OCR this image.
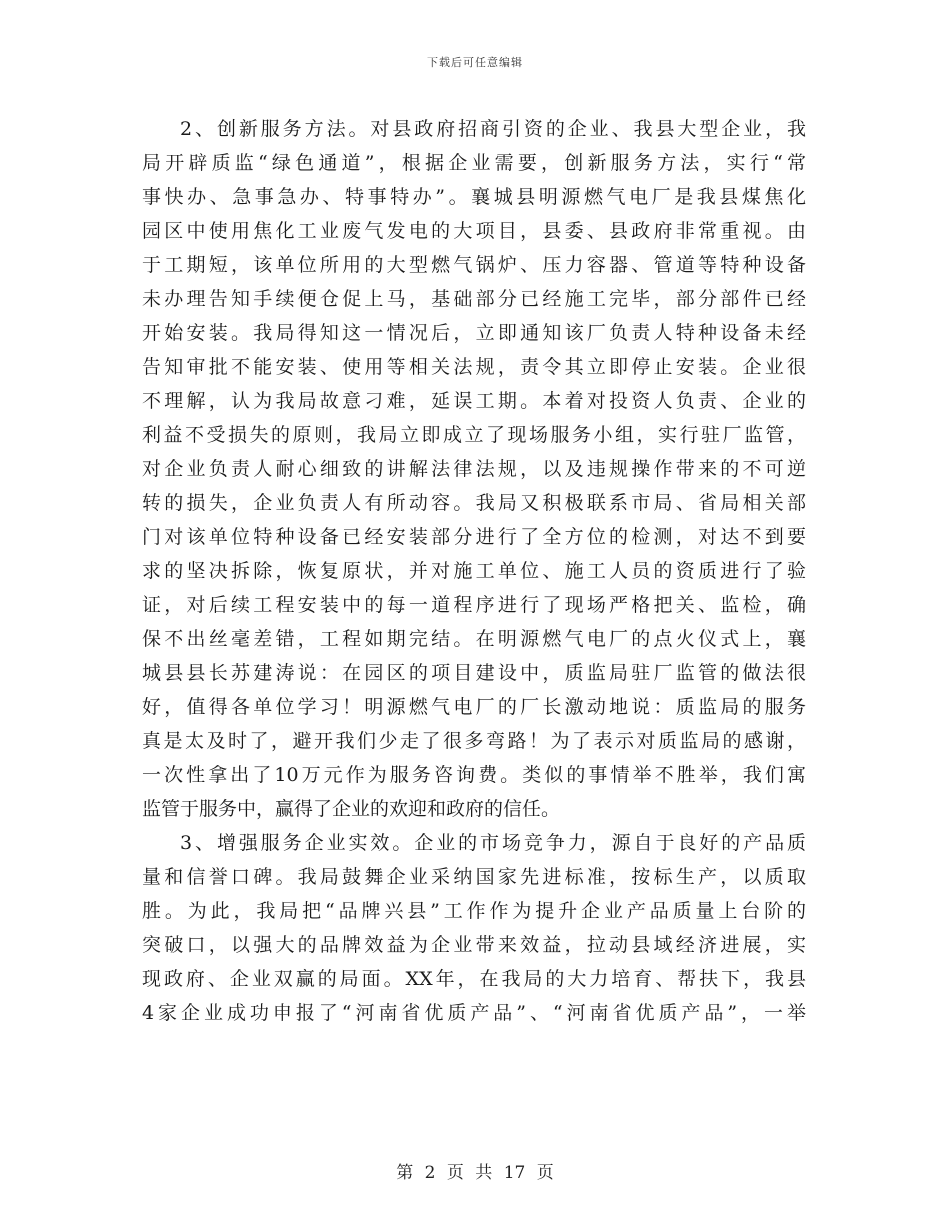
下载后可任意编辑

2、创新服务方法。对县政府招商引资的企业、我县大型企业，我
局开辟质监“绿色通道”，根据企业需要，创新服务方法，实行“常
事快办、急事急办、特事特办”。襄城县明源燃气电厂是我县煤焦化
园区中使用焦化工业废气发电的大项目，县委、县政府非常重视。由
于工期短，该单位所用的大型燃气锅炉、压力容器、管道等特种设备
未办理告知手续便仓促上马，基础部分已经施工完毕，部分部件已经
开始安装。我局得知这一情况后，立即通知该厂负责人特种设备未经
告知审批不能安装、使用等相关法规，责令其立即停止安装。企业很
不理解，认为我局故意刁难，延误工期。本着对投资人负责、企业的
利益不受损失的原则，我局立即成立了现场服务小组，实行驻厂监管，
对企业负责人耐心细致的讲解法律法规，以及违规操作带来的不可逆
转的损失，企业负责人有所动容。我局又积极联系市局、省局相关部
门对该单位特种设备已经安装部分进行了全方位的检测，对达不到要
求的坚决拆除，恢复原状，并对施工单位、施工人员的资质进行了验
证，对后续工程安装中的每一道程序进行了现场严格把关、监检，确
保不出丝毫差错，工程如期完结。在明源燃气电厂的点火仪式上，襄
城县县长苏建涛说：在园区的项目建设中，质监局驻厂监管的做法很
好，值得各单位学习！明源燃气电厂的厂长激动地说：质监局的服务
真是太及时了，避开我们少走了很多弯路！为了表示对质监局的感谢，
一次性拿出了10万元作为服务咨询费。类似的事情举不胜举，我们寓
监管于服务中，赢得了企业的欢迎和政府的信任。

3、增强服务企业实效。企业的市场竞争力，源自于良好的产品质
量和信誉口碑。我局鼓舞企业采纳国家先进标准，按标生产，以质取
胜。为此，我局把“品牌兴县”工作作为提升企业产品质量上台阶的
突破口，以强大的品牌效益为企业带来效益，拉动县域经济进展，实
现政府、企业双赢的局面。XX年，在我局的大力培育、帮扶下，我县
4家企业成功申报了“河南省优质产品”、“河南省优质产品”，一举

第 2 页 共 17 页
